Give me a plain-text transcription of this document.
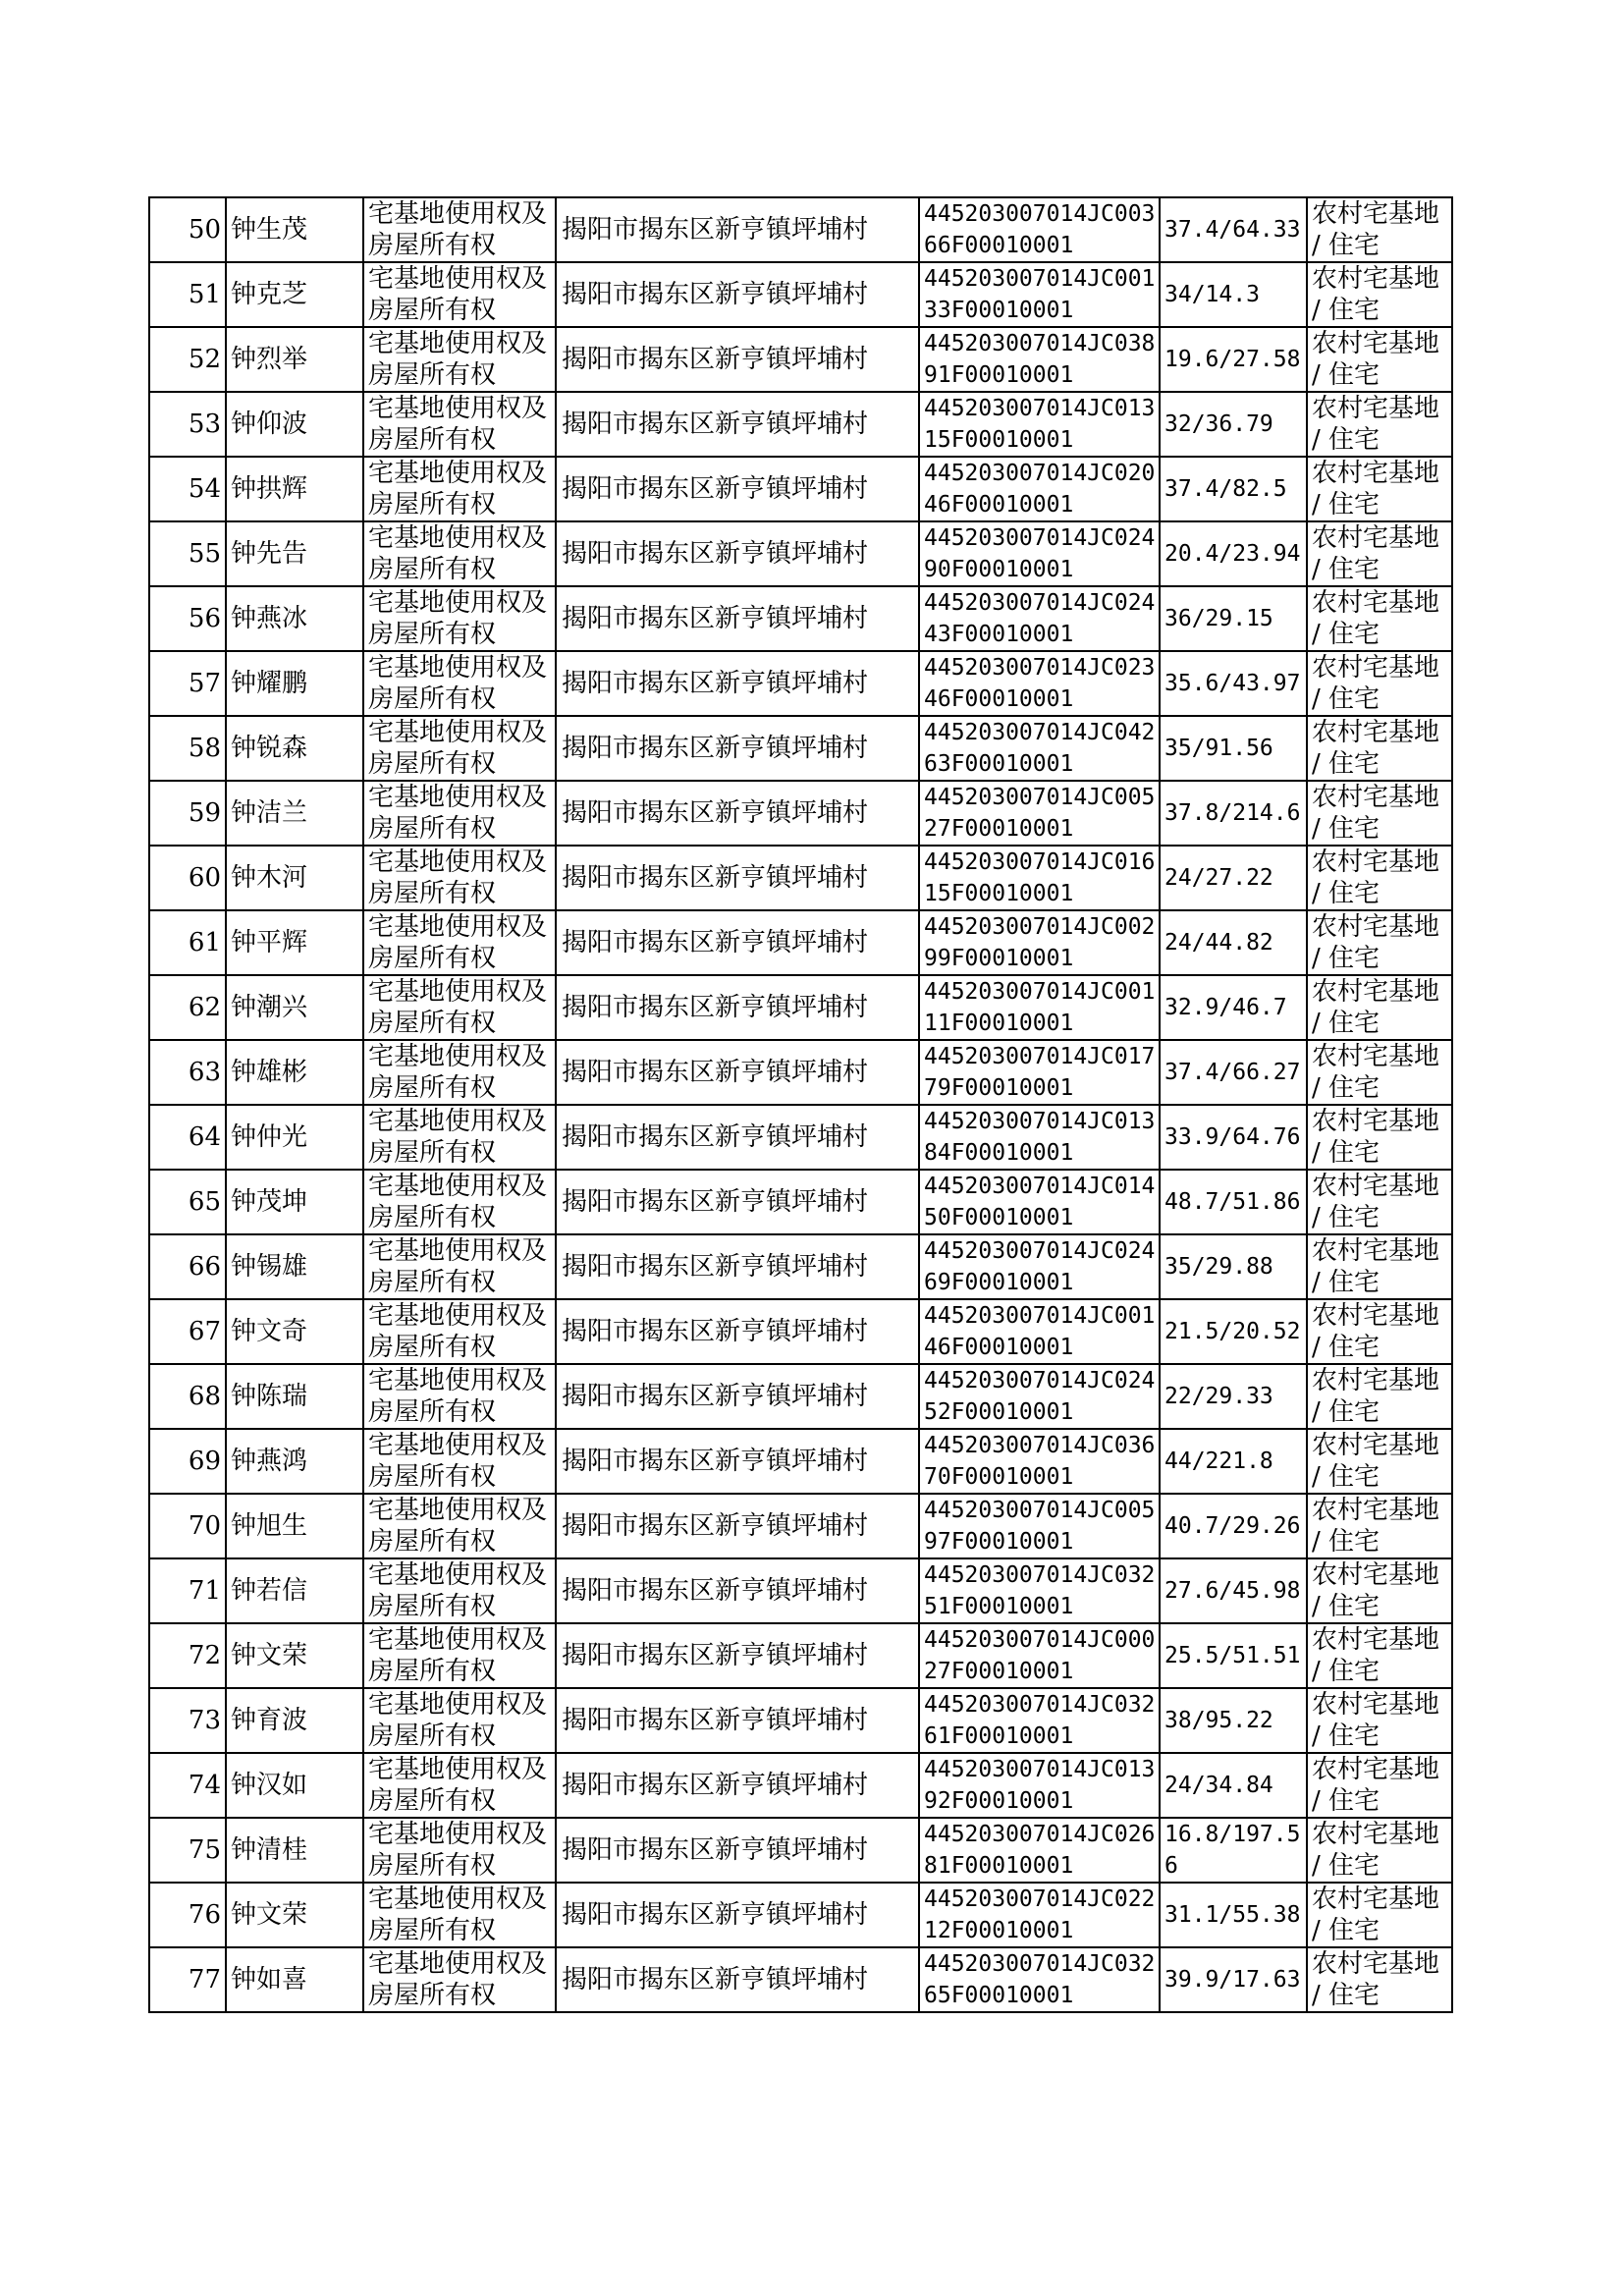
50	钟生茂	宅基地使用权及房屋所有权	揭阳市揭东区新亨镇坪埔村	445203007014JC00366F00010001	37.4/64.33	农村宅基地 / 住宅
51	钟克芝	宅基地使用权及房屋所有权	揭阳市揭东区新亨镇坪埔村	445203007014JC00133F00010001	34/14.3	农村宅基地 / 住宅
52	钟烈举	宅基地使用权及房屋所有权	揭阳市揭东区新亨镇坪埔村	445203007014JC03891F00010001	19.6/27.58	农村宅基地 / 住宅
53	钟仰波	宅基地使用权及房屋所有权	揭阳市揭东区新亨镇坪埔村	445203007014JC01315F00010001	32/36.79	农村宅基地 / 住宅
54	钟拱辉	宅基地使用权及房屋所有权	揭阳市揭东区新亨镇坪埔村	445203007014JC02046F00010001	37.4/82.5	农村宅基地 / 住宅
55	钟先告	宅基地使用权及房屋所有权	揭阳市揭东区新亨镇坪埔村	445203007014JC02490F00010001	20.4/23.94	农村宅基地 / 住宅
56	钟燕冰	宅基地使用权及房屋所有权	揭阳市揭东区新亨镇坪埔村	445203007014JC02443F00010001	36/29.15	农村宅基地 / 住宅
57	钟耀鹏	宅基地使用权及房屋所有权	揭阳市揭东区新亨镇坪埔村	445203007014JC02346F00010001	35.6/43.97	农村宅基地 / 住宅
58	钟锐森	宅基地使用权及房屋所有权	揭阳市揭东区新亨镇坪埔村	445203007014JC04263F00010001	35/91.56	农村宅基地 / 住宅
59	钟洁兰	宅基地使用权及房屋所有权	揭阳市揭东区新亨镇坪埔村	445203007014JC00527F00010001	37.8/214.6	农村宅基地 / 住宅
60	钟木河	宅基地使用权及房屋所有权	揭阳市揭东区新亨镇坪埔村	445203007014JC01615F00010001	24/27.22	农村宅基地 / 住宅
61	钟平辉	宅基地使用权及房屋所有权	揭阳市揭东区新亨镇坪埔村	445203007014JC00299F00010001	24/44.82	农村宅基地 / 住宅
62	钟潮兴	宅基地使用权及房屋所有权	揭阳市揭东区新亨镇坪埔村	445203007014JC00111F00010001	32.9/46.7	农村宅基地 / 住宅
63	钟雄彬	宅基地使用权及房屋所有权	揭阳市揭东区新亨镇坪埔村	445203007014JC01779F00010001	37.4/66.27	农村宅基地 / 住宅
64	钟仲光	宅基地使用权及房屋所有权	揭阳市揭东区新亨镇坪埔村	445203007014JC01384F00010001	33.9/64.76	农村宅基地 / 住宅
65	钟茂坤	宅基地使用权及房屋所有权	揭阳市揭东区新亨镇坪埔村	445203007014JC01450F00010001	48.7/51.86	农村宅基地 / 住宅
66	钟锡雄	宅基地使用权及房屋所有权	揭阳市揭东区新亨镇坪埔村	445203007014JC02469F00010001	35/29.88	农村宅基地 / 住宅
67	钟文奇	宅基地使用权及房屋所有权	揭阳市揭东区新亨镇坪埔村	445203007014JC00146F00010001	21.5/20.52	农村宅基地 / 住宅
68	钟陈瑞	宅基地使用权及房屋所有权	揭阳市揭东区新亨镇坪埔村	445203007014JC02452F00010001	22/29.33	农村宅基地 / 住宅
69	钟燕鸿	宅基地使用权及房屋所有权	揭阳市揭东区新亨镇坪埔村	445203007014JC03670F00010001	44/221.8	农村宅基地 / 住宅
70	钟旭生	宅基地使用权及房屋所有权	揭阳市揭东区新亨镇坪埔村	445203007014JC00597F00010001	40.7/29.26	农村宅基地 / 住宅
71	钟若信	宅基地使用权及房屋所有权	揭阳市揭东区新亨镇坪埔村	445203007014JC03251F00010001	27.6/45.98	农村宅基地 / 住宅
72	钟文荣	宅基地使用权及房屋所有权	揭阳市揭东区新亨镇坪埔村	445203007014JC00027F00010001	25.5/51.51	农村宅基地 / 住宅
73	钟育波	宅基地使用权及房屋所有权	揭阳市揭东区新亨镇坪埔村	445203007014JC03261F00010001	38/95.22	农村宅基地 / 住宅
74	钟汉如	宅基地使用权及房屋所有权	揭阳市揭东区新亨镇坪埔村	445203007014JC01392F00010001	24/34.84	农村宅基地 / 住宅
75	钟清桂	宅基地使用权及房屋所有权	揭阳市揭东区新亨镇坪埔村	445203007014JC02681F00010001	16.8/197.56	农村宅基地 / 住宅
76	钟文荣	宅基地使用权及房屋所有权	揭阳市揭东区新亨镇坪埔村	445203007014JC02212F00010001	31.1/55.38	农村宅基地 / 住宅
77	钟如喜	宅基地使用权及房屋所有权	揭阳市揭东区新亨镇坪埔村	445203007014JC03265F00010001	39.9/17.63	农村宅基地 / 住宅
